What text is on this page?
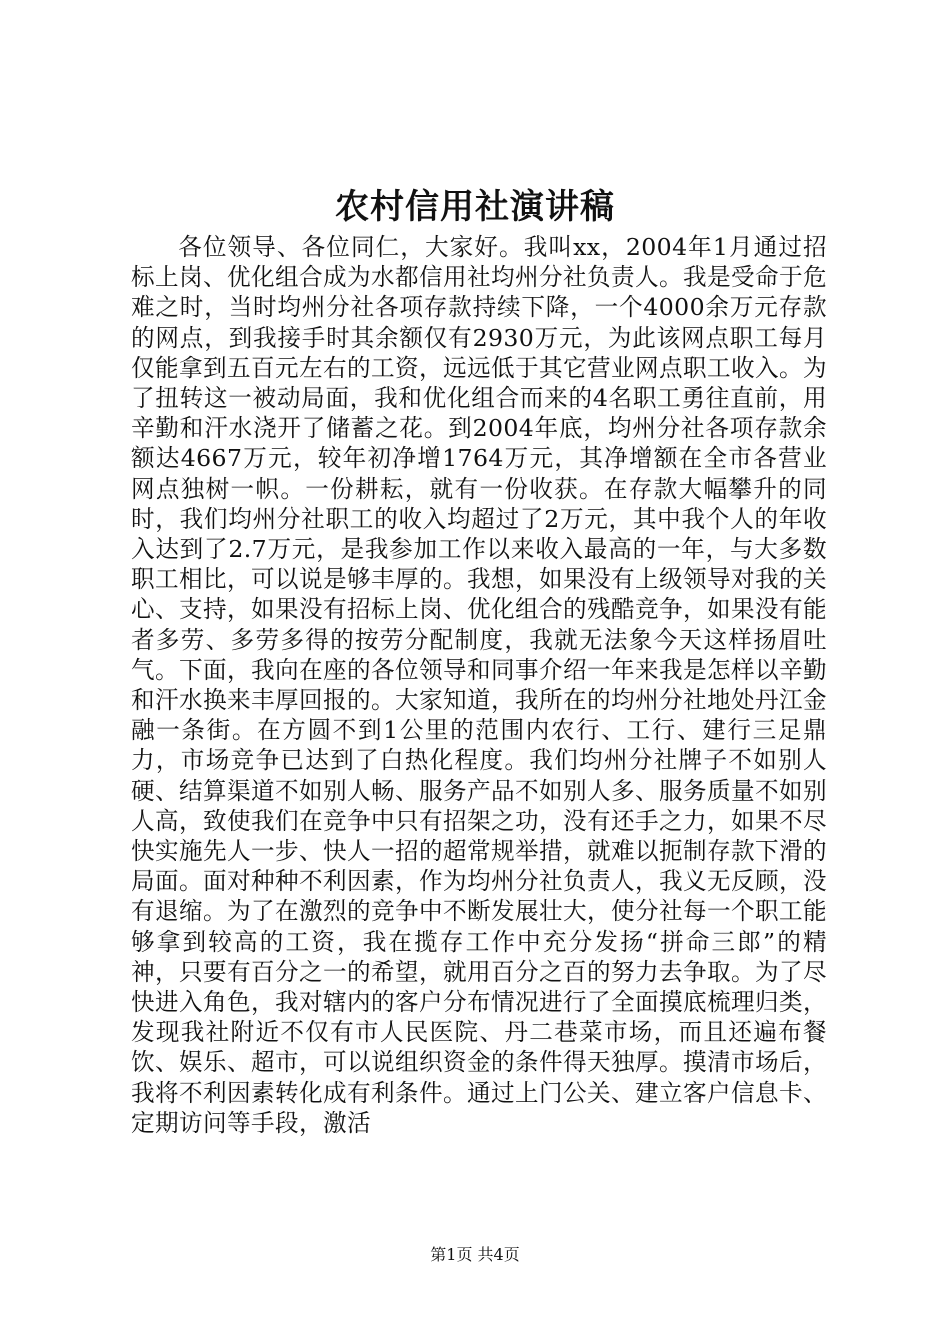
农村信用社演讲稿

各位领导、各位同仁，大家好。我叫xx，2004年1月通过招标上岗、优化组合成为水都信用社均州分社负责人。我是受命于危难之时，当时均州分社各项存款持续下降，一个4000余万元存款的网点，到我接手时其余额仅有2930万元，为此该网点职工每月仅能拿到五百元左右的工资，远远低于其它营业网点职工收入。为了扭转这一被动局面，我和优化组合而来的4名职工勇往直前，用辛勤和汗水浇开了储蓄之花。到2004年底，均州分社各项存款余额达4667万元，较年初净增1764万元，其净增额在全市各营业网点独树一帜。一份耕耘，就有一份收获。在存款大幅攀升的同时，我们均州分社职工的收入均超过了2万元，其中我个人的年收入达到了2.7万元，是我参加工作以来收入最高的一年，与大多数职工相比，可以说是够丰厚的。我想，如果没有上级领导对我的关心、支持，如果没有招标上岗、优化组合的残酷竞争，如果没有能者多劳、多劳多得的按劳分配制度，我就无法象今天这样扬眉吐气。下面，我向在座的各位领导和同事介绍一年来我是怎样以辛勤和汗水换来丰厚回报的。大家知道，我所在的均州分社地处丹江金融一条街。在方圆不到1公里的范围内农行、工行、建行三足鼎力，市场竞争已达到了白热化程度。我们均州分社牌子不如别人硬、结算渠道不如别人畅、服务产品不如别人多、服务质量不如别人高，致使我们在竞争中只有招架之功，没有还手之力，如果不尽快实施先人一步、快人一招的超常规举措，就难以扼制存款下滑的局面。面对种种不利因素，作为均州分社负责人，我义无反顾，没有退缩。为了在激烈的竞争中不断发展壮大，使分社每一个职工能够拿到较高的工资，我在揽存工作中充分发扬“拼命三郎”的精神，只要有百分之一的希望，就用百分之百的努力去争取。为了尽快进入角色，我对辖内的客户分布情况进行了全面摸底梳理归类，发现我社附近不仅有市人民医院、丹二巷菜市场，而且还遍布餐饮、娱乐、超市，可以说组织资金的条件得天独厚。摸清市场后，我将不利因素转化成有利条件。通过上门公关、建立客户信息卡、定期访问等手段，激活

第1页 共4页
